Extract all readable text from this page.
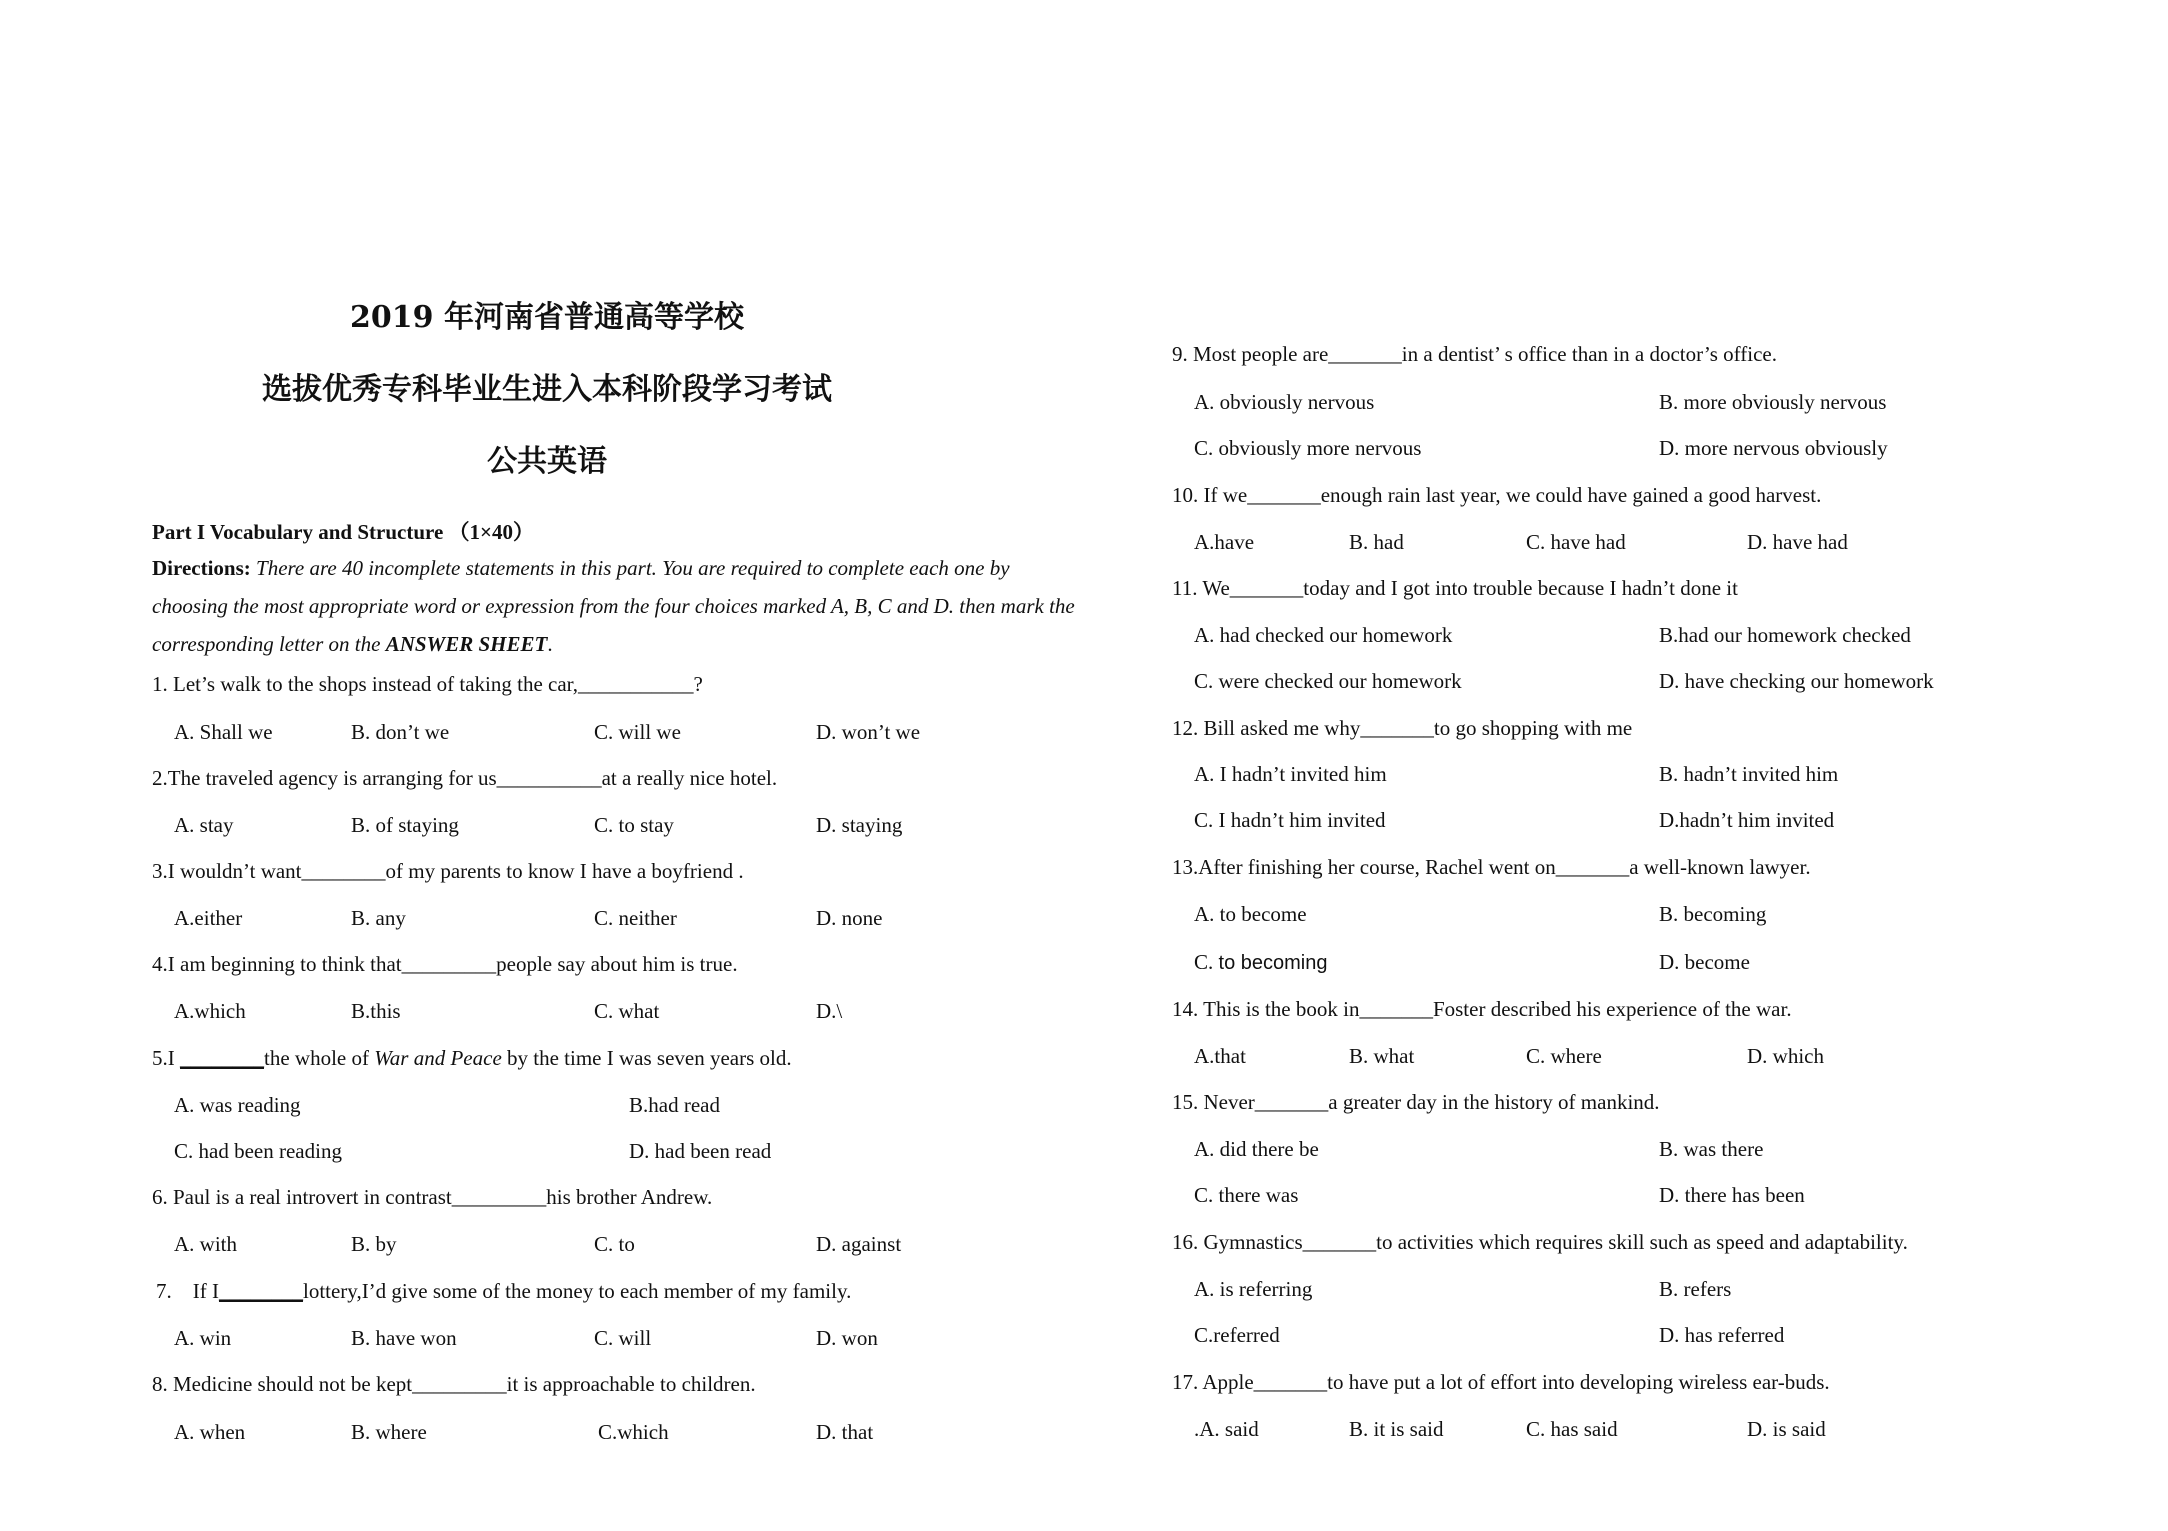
2019 年河南省普通高等学校
选拔优秀专科毕业生进入本科阶段学习考试
公共英语
Part I Vocabulary and Structure （1×40）
Directions: There are 40 incomplete statements in this part. You are required to complete each one by choosing the most appropriate word or expression from the four choices marked A, B, C and D. then mark the corresponding letter on the ANSWER SHEET.
1. Let’s walk to the shops instead of taking the car,___________?
A. Shall we	B. don’t we	C. will we	D. won’t we
2.The traveled agency is arranging for us__________at a really nice hotel.
A. stay	B. of staying	C. to stay	D. staying
3.I wouldn’t want________of my parents to know I have a boyfriend .
A.either	B. any	C. neither	D. none
4.I am beginning to think that_________people say about him is true.
A.which	B.this	C. what	D.\
5.I ________the whole of War and Peace by the time I was seven years old.
A. was reading	B.had read
C. had been reading	D. had been read
6. Paul is a real introvert in contrast_________his brother Andrew.
A. with	B. by	C. to	D. against
7.    If I________lottery,I’d give some of the money to each member of my family.
A. win	B. have won	C. will	D. won
8. Medicine should not be kept_________it is approachable to children.
A. when	B. where	C.which	D. that
9. Most people are_______in a dentist’ s office than in a doctor’s office.
A. obviously nervous	B. more obviously nervous
C. obviously more nervous	D. more nervous obviously
10. If we_______enough rain last year, we could have gained a good harvest.
A.have	B. had	C. have had	D. have had
11. We_______today and I got into trouble because I hadn’t done it
A. had checked our homework	B.had our homework checked
C. were checked our homework	D. have checking our homework
12. Bill asked me why_______to go shopping with me
A. I hadn’t invited him	B. hadn’t invited him
C. I hadn’t him invited	D.hadn’t him invited
13.After finishing her course, Rachel went on_______a well-known lawyer.
A. to become	B. becoming
C. to becoming	D. become
14. This is the book in_______Foster described his experience of the war.
A.that	B. what	C. where	D. which
15. Never_______a greater day in the history of mankind.
A. did there be	B. was there
C. there was	D. there has been
16. Gymnastics_______to activities which requires skill such as speed and adaptability.
A. is referring	B. refers
C.referred	D. has referred
17. Apple_______to have put a lot of effort into developing wireless ear-buds.
.A. said	B. it is said	C. has said	D. is said
